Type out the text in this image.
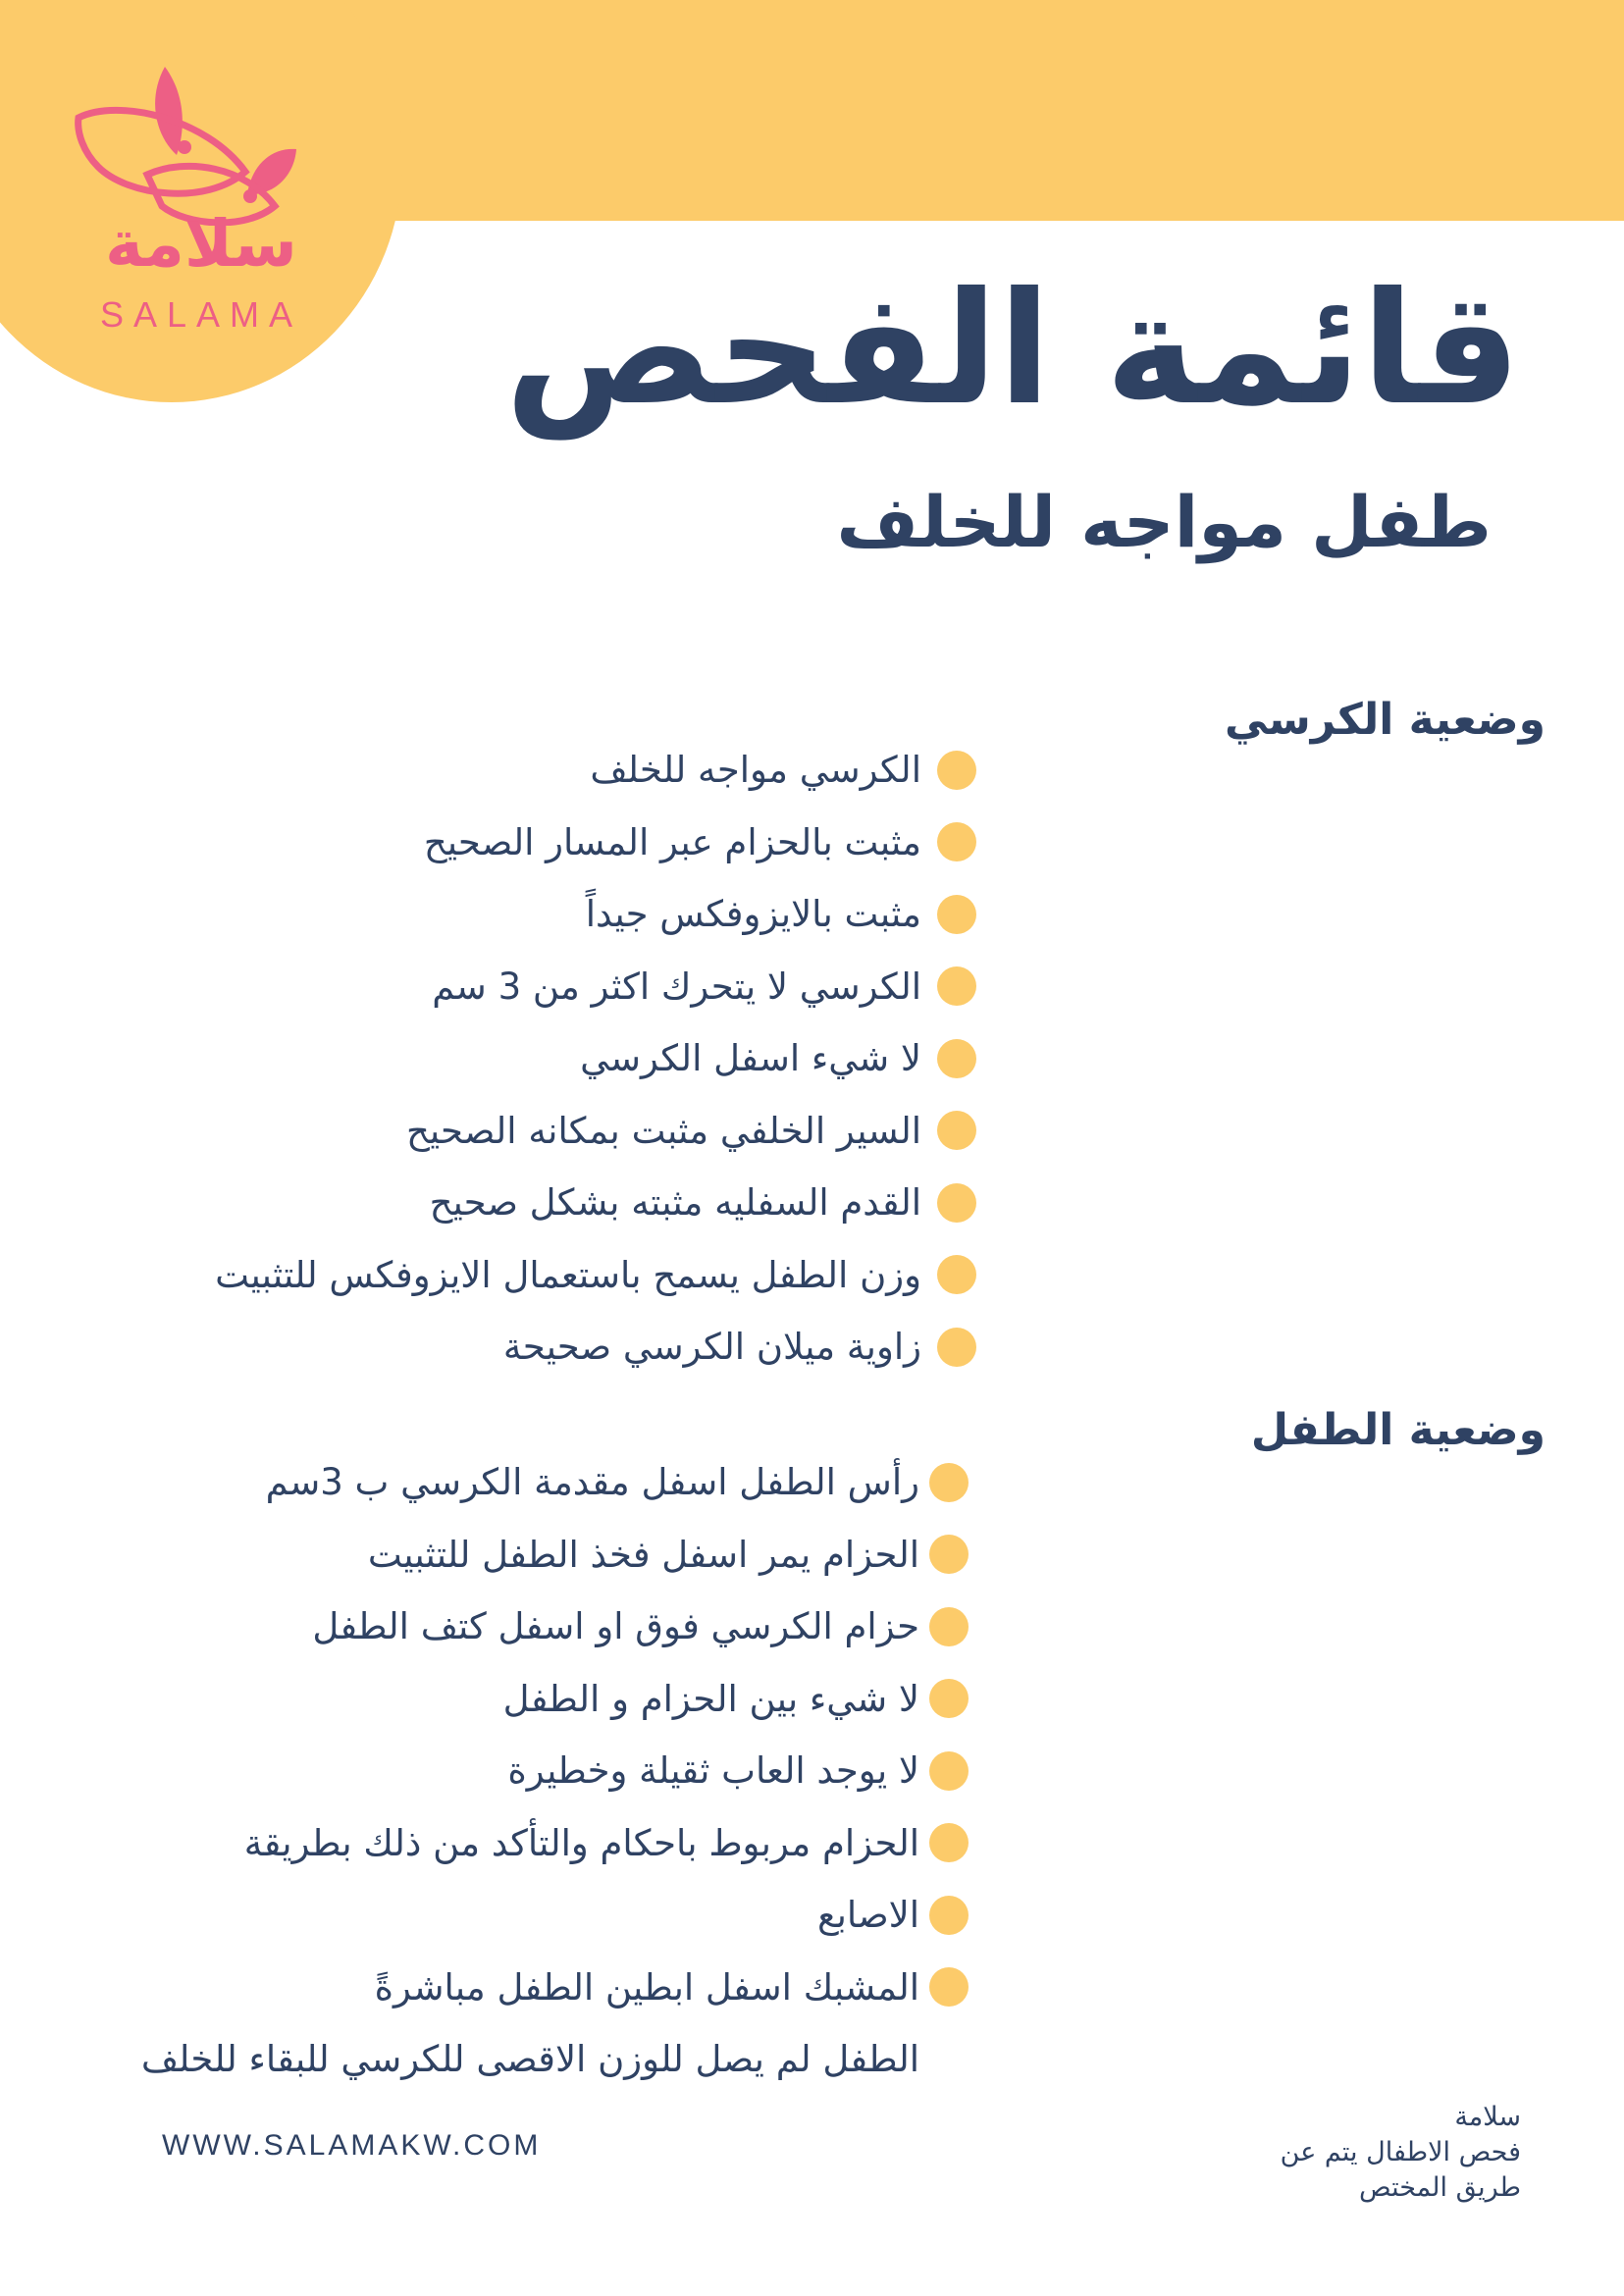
سلامة
SALAMA قائمة الفحص
طفل مواجه للخلف
وضعية الكرسي
الكرسي مواجه للخلف
مثبت بالحزام عبر المسار الصحيح
مثبت بالايزوفكس جيداً
الكرسي لا يتحرك اكثر من 3 سم
لا شيء اسفل الكرسي
السير الخلفي مثبت بمكانه الصحيح
القدم السفليه مثبته بشكل صحيح
وزن الطفل يسمح باستعمال الايزوفكس للتثبيت
زاوية ميلان الكرسي صحيحة
وضعية الطفل
رأس الطفل اسفل مقدمة الكرسي ب 3سم
الحزام يمر اسفل فخذ الطفل للتثبيت
حزام الكرسي فوق او اسفل كتف الطفل
لا شيء بين الحزام و الطفل
لا يوجد العاب ثقيلة وخطيرة
الحزام مربوط باحكام والتأكد من ذلك بطريقة
الاصابع
المشبك اسفل ابطين الطفل مباشرةً
الطفل لم يصل للوزن الاقصى للكرسي للبقاء للخلف
WWW.SALAMAKW.COM
سلامة
فحص الاطفال يتم عن
طريق المختص
